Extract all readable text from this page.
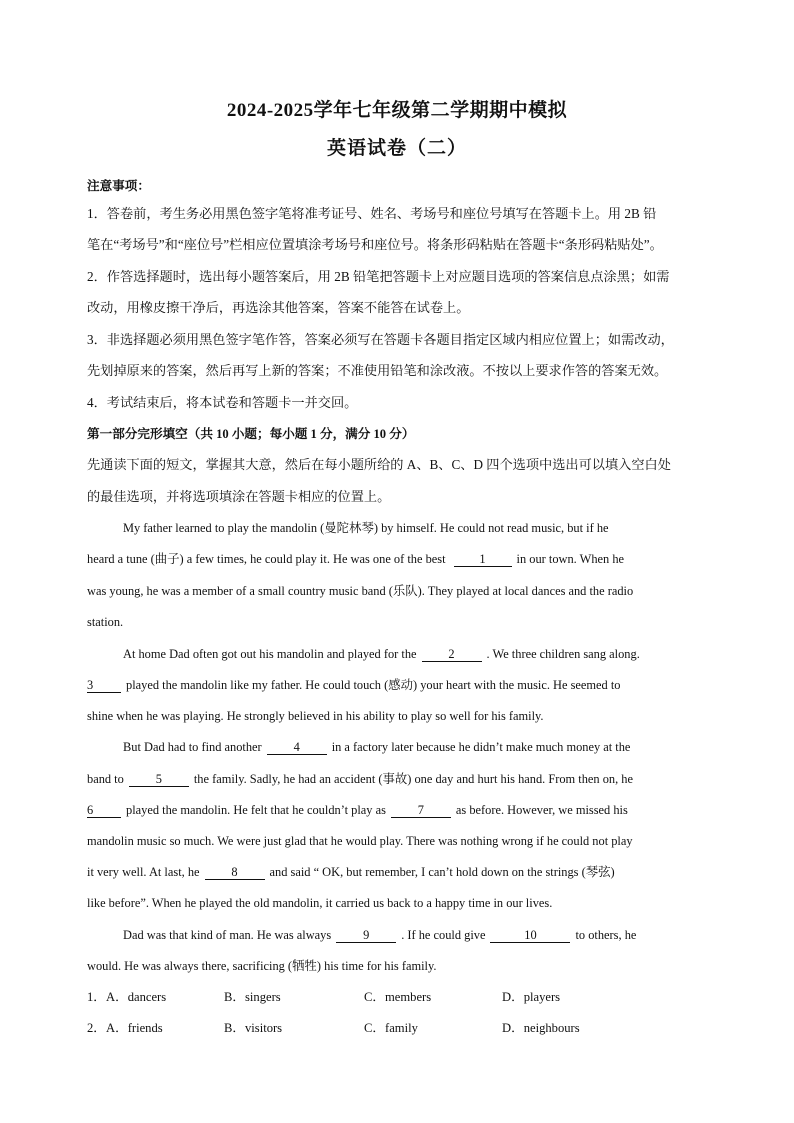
2024-2025学年七年级第二学期期中模拟
英语试卷（二）
注意事项：
1．答卷前，考生务必用黑色签字笔将准考证号、姓名、考场号和座位号填写在答题卡上。用 2B 铅
笔在“考场号”和“座位号”栏相应位置填涂考场号和座位号。将条形码粘贴在答题卡“条形码粘贴处”。
2．作答选择题时，选出每小题答案后，用 2B 铅笔把答题卡上对应题目选项的答案信息点涂黑；如需
改动，用橡皮擦干净后，再选涂其他答案，答案不能答在试卷上。
3．非选择题必须用黑色签字笔作答，答案必须写在答题卡各题目指定区域内相应位置上；如需改动，
先划掉原来的答案，然后再写上新的答案；不准使用铅笔和涂改液。不按以上要求作答的答案无效。
4．考试结束后，将本试卷和答题卡一并交回。
第一部分完形填空（共 10 小题；每小题 1 分，满分 10 分）
先通读下面的短文，掌握其大意，然后在每小题所给的 A、B、C、D 四个选项中选出可以填入空白处
的最佳选项，并将选项填涂在答题卡相应的位置上。
My father learned to play the mandolin (曼陀林琴) by himself. He could not read music, but if he
heard a tune (曲子) a few times, he could play it. He was one of the best	1 in our town. When he
was young, he was a member of a small country music band (乐队). They played at local dances and the radio
station.
At home Dad often got out his mandolin and played for the	2	. We three children sang along.
3	played the mandolin like my father. He could touch (感动) your heart with the music. He seemed to
shine when he was playing. He strongly believed in his ability to play so well for his family.
But Dad had to find another	4	in a factory later because he didn’t make much money at the
band to	5	the family. Sadly, he had an accident (事故) one day and hurt his hand. From then on, he
6	played the mandolin. He felt that he couldn’t play as	7	as before. However, we missed his
mandolin music so much. We were just glad that he would play. There was nothing wrong if he could not play
it very well. At last, he	8	and said “ OK, but remember, I can’t hold down on the strings (琴弦)
like before”. When he played the old mandolin, it carried us back to a happy time in our lives.
Dad was that kind of man. He was always	9	. If he could give	10	to others, he
would. He was always there, sacrificing (牺牲) his time for his family.
1． A．dancers	B．singers	C．members	D．players
2． A．friends	B．visitors	C．family	D．neighbours
